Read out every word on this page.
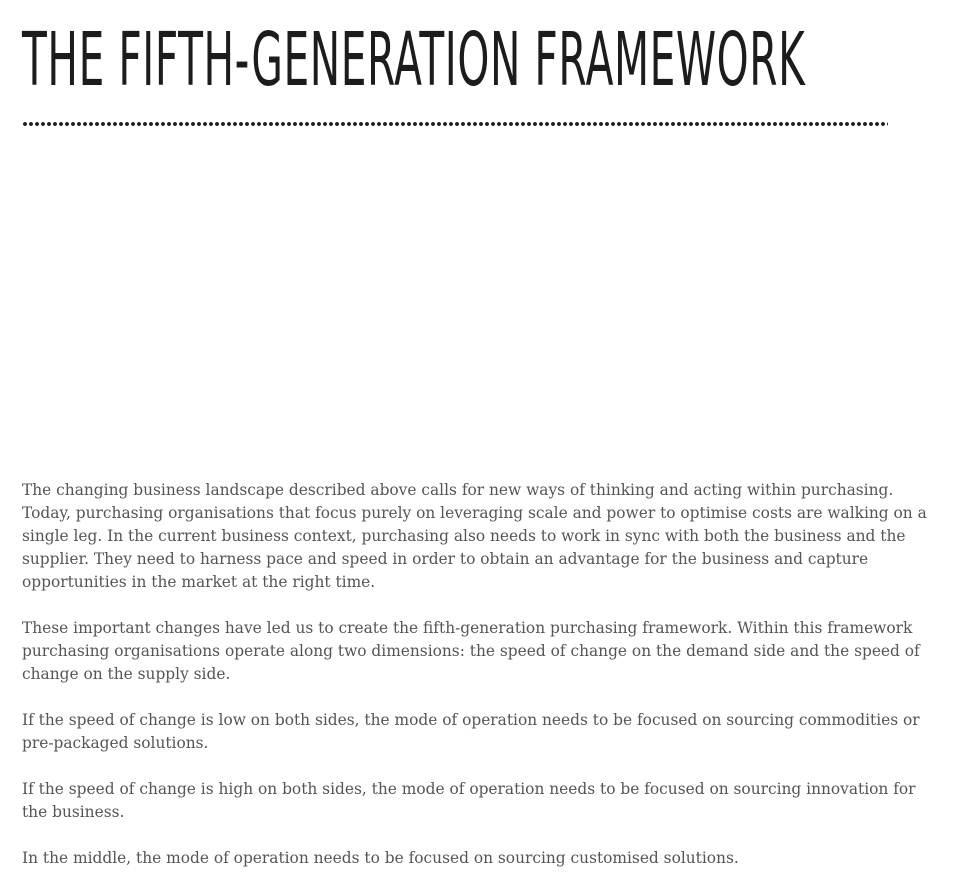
THE FIFTH-GENERATION FRAMEWORK

The changing business landscape described above calls for new ways of thinking and acting within purchasing. Today, purchasing organisations that focus purely on leveraging scale and power to optimise costs are walking on a single leg. In the current business context, purchasing also needs to work in sync with both the business and the supplier. They need to harness pace and speed in order to obtain an advantage for the business and capture opportunities in the market at the right time.

These important changes have led us to create the fifth-generation purchasing framework. Within this framework purchasing organisations operate along two dimensions: the speed of change on the demand side and the speed of change on the supply side.

If the speed of change is low on both sides, the mode of operation needs to be focused on sourcing commodities or pre-packaged solutions.

If the speed of change is high on both sides, the mode of operation needs to be focused on sourcing innovation for the business.

In the middle, the mode of operation needs to be focused on sourcing customised solutions.
